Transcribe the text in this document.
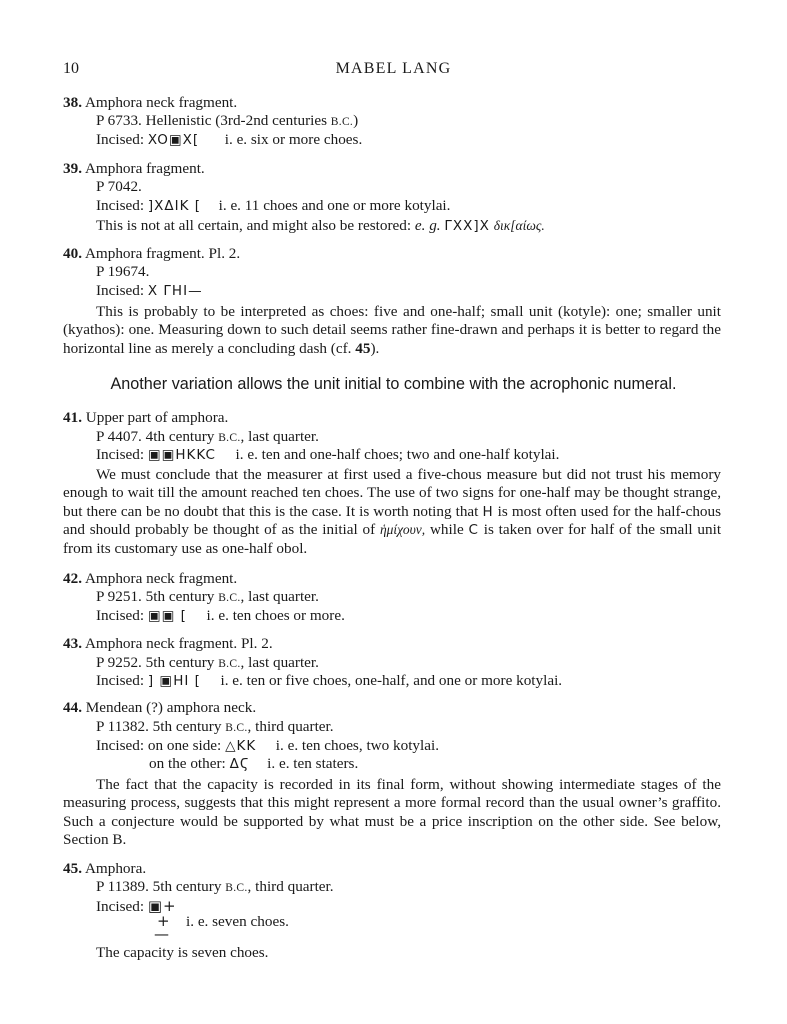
10	MABEL LANG
38. Amphora neck fragment.
P 6733. Hellenistic (3rd-2nd centuries B.C.)
Incised: XO▣X[ i. e. six or more choes.
39. Amphora fragment.
P 7042.
Incised: ]XΔIK [ i. e. 11 choes and one or more kotylai.
This is not at all certain, and might also be restored: e. g. ΓXX]X δικ[αίως.
40. Amphora fragment. Pl. 2.
P 19674.
Incised: X ΓHI—
This is probably to be interpreted as choes: five and one-half; small unit (kotyle): one; smaller unit (kyathos): one. Measuring down to such detail seems rather fine-drawn and perhaps it is better to regard the horizontal line as merely a concluding dash (cf. 45).
Another variation allows the unit initial to combine with the acrophonic numeral.
41. Upper part of amphora.
P 4407. 4th century B.C., last quarter.
Incised: ▣▣HKKC i. e. ten and one-half choes; two and one-half kotylai.
We must conclude that the measurer at first used a five-chous measure but did not trust his memory enough to wait till the amount reached ten choes. The use of two signs for one-half may be thought strange, but there can be no doubt that this is the case. It is worth noting that H is most often used for the half-chous and should probably be thought of as the initial of ἡμίχουν, while C is taken over for half of the small unit from its customary use as one-half obol.
42. Amphora neck fragment.
P 9251. 5th century B.C., last quarter.
Incised: ▣▣ [ i. e. ten choes or more.
43. Amphora neck fragment. Pl. 2.
P 9252. 5th century B.C., last quarter.
Incised: ] ▣HI [ i. e. ten or five choes, one-half, and one or more kotylai.
44. Mendean (?) amphora neck.
P 11382. 5th century B.C., third quarter.
Incised: on one side: △KK i. e. ten choes, two kotylai.
on the other: ΔϚ i. e. ten staters.
The fact that the capacity is recorded in its final form, without showing intermediate stages of the measuring process, suggests that this might represent a more formal record than the usual owner’s graffito. Such a conjecture would be supported by what must be a price inscription on the other side. See below, Section B.
45. Amphora.
P 11389. 5th century B.C., third quarter.
Incised: ▣+
+ i. e. seven choes.
—
The capacity is seven choes.
